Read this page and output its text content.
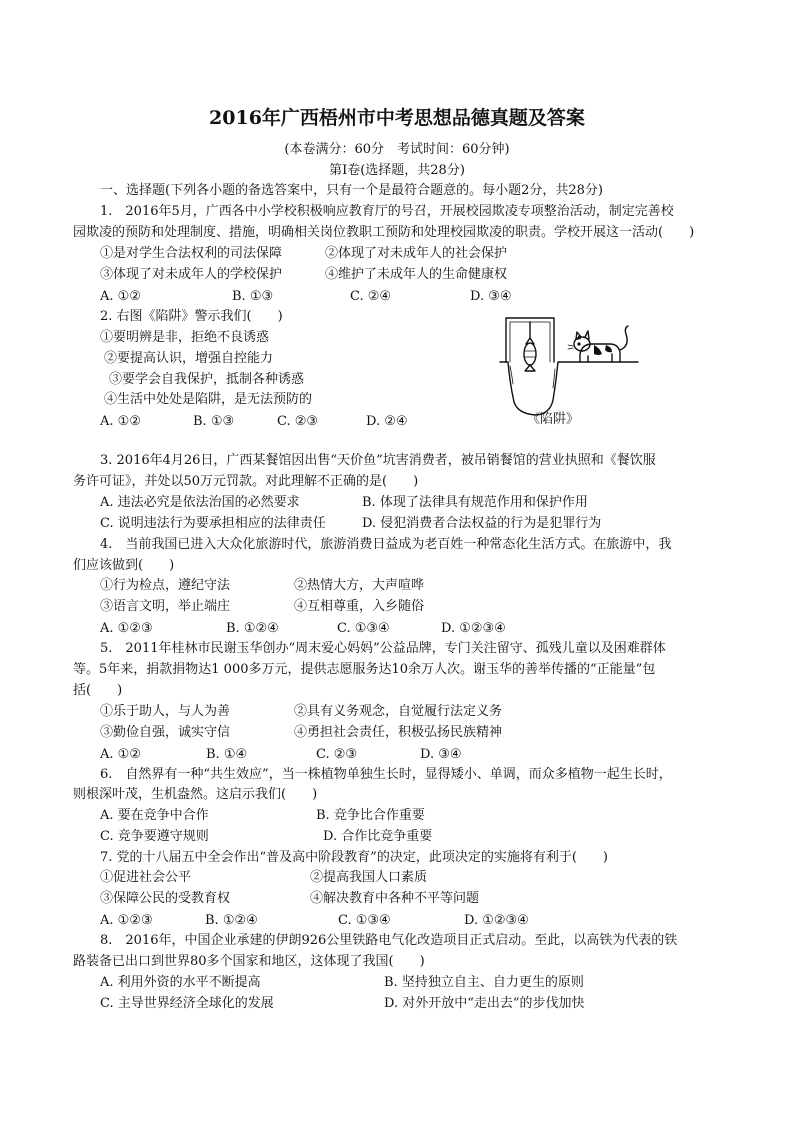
2016年广西梧州市中考思想品德真题及答案
(本卷满分：60分　考试时间：60分钟)
第Ⅰ卷(选择题，共28分)
一、选择题(下列各小题的备选答案中，只有一个是最符合题意的。每小题2分，共28分)
1.　2016年5月，广西各中小学校积极响应教育厅的号召，开展校园欺凌专项整治活动，制定完善校
园欺凌的预防和处理制度、措施，明确相关岗位教职工预防和处理校园欺凌的职责。学校开展这一活动(　　)
①是对学生合法权利的司法保障	②体现了对未成年人的社会保护
③体现了对未成年人的学校保护	④维护了未成年人的生命健康权
A. ①②	B. ①③	C. ②④	D. ③④
2. 右图《陷阱》警示我们(　　)
①要明辨是非，拒绝不良诱惑
②要提高认识，增强自控能力
③要学会自我保护，抵制各种诱惑
④生活中处处是陷阱，是无法预防的
A. ①②	B. ①③	C. ②③	D. ②④	《陷阱》
3. 2016年4月26日，广西某餐馆因出售“天价鱼”坑害消费者，被吊销餐馆的营业执照和《餐饮服
务许可证》，并处以50万元罚款。对此理解不正确的是(　　)
A. 违法必究是依法治国的必然要求	B. 体现了法律具有规范作用和保护作用
C. 说明违法行为要承担相应的法律责任	D. 侵犯消费者合法权益的行为是犯罪行为
4.　当前我国已进入大众化旅游时代，旅游消费日益成为老百姓一种常态化生活方式。在旅游中，我
们应该做到(　　)
①行为检点，遵纪守法	②热情大方，大声喧哗
③语言文明，举止端庄	④互相尊重，入乡随俗
A. ①②③	B. ①②④	C. ①③④	D. ①②③④
5.　2011年桂林市民谢玉华创办“周末爱心妈妈”公益品牌，专门关注留守、孤残儿童以及困难群体
等。5年来，捐款捐物达1 000多万元，提供志愿服务达10余万人次。谢玉华的善举传播的“正能量”包
括(　　)
①乐于助人，与人为善	②具有义务观念，自觉履行法定义务
③勤俭自强，诚实守信	④勇担社会责任，积极弘扬民族精神
A. ①②	B. ①④	C. ②③	D. ③④
6.　自然界有一种“共生效应”，当一株植物单独生长时，显得矮小、单调，而众多植物一起生长时，
则根深叶茂，生机盎然。这启示我们(　　)
A. 要在竞争中合作	B. 竞争比合作重要
C. 竞争要遵守规则	D. 合作比竞争重要
7. 党的十八届五中全会作出“普及高中阶段教育”的决定，此项决定的实施将有利于(　　)
①促进社会公平	②提高我国人口素质
③保障公民的受教育权	④解决教育中各种不平等问题
A. ①②③	B. ①②④	C. ①③④	D. ①②③④
8.　2016年，中国企业承建的伊朗926公里铁路电气化改造项目正式启动。至此，以高铁为代表的铁
路装备已出口到世界80多个国家和地区，这体现了我国(　　)
A. 利用外资的水平不断提高	B. 坚持独立自主、自力更生的原则
C. 主导世界经济全球化的发展	D. 对外开放中“走出去”的步伐加快
